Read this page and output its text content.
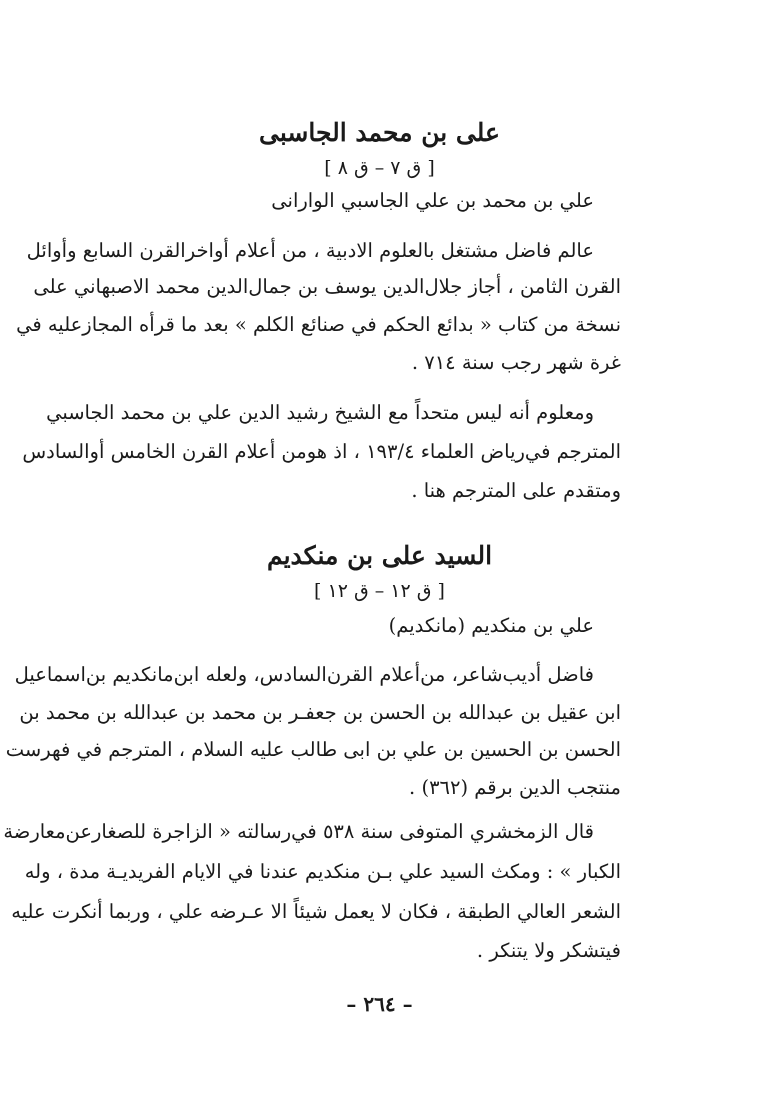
على بن محمد الجاسبى
[ ق ٧ – ق ٨ ]
علي بن محمد بن علي الجاسبي الوارانى
عالم فاضل مشتغل بالعلوم الادبية ، من أعلام أواخرالقرن السابع وأوائل
القرن الثامن ، أجاز جلال‌الدين يوسف بن جمال‌الدين محمد الاصبهاني على
نسخة من كتاب « بدائع الحكم في صنائع الكلم » بعد ما قرأه المجازعليه في
غرة شهر رجب سنة ٧١٤ .
ومعلوم أنه ليس متحداً مع الشيخ رشيد الدين علي بن محمد الجاسبي
المترجم في‌رياض العلماء ١٩٣/٤ ، اذ هومن أعلام القرن الخامس أوالسادس
ومتقدم على المترجم هنا .
السيد على بن منكديم
[ ق ١٢ – ق ١٢ ]
علي بن منكديم (مانكديم)
فاضل أديب‌شاعر، من‌أعلام القرن‌السادس، ولعله ابن‌مانكديم بن‌اسماعيل
ابن عقيل بن عبدالله بن الحسن بن جعفـر بن محمد بن عبدالله بن محمد بن
الحسن بن الحسين بن علي بن ابى طالب عليه السلام ، المترجم في فهرست
منتجب الدين برقم (٣٦٢) .
قال الزمخشري المتوفى سنة ٥٣٨ في‌رسالته « الزاجرة للصغارعن‌معارضة
الكبار » : ومكث السيد علي بـن منكديم عندنا في الايام الفريديـة مدة ، وله
الشعر العالي الطبقة ، فكان لا يعمل شيئاً الا عـرضه علي ، وربما أنكرت عليه
فيتشكر ولا يتنكر .
– ٢٦٤ –
